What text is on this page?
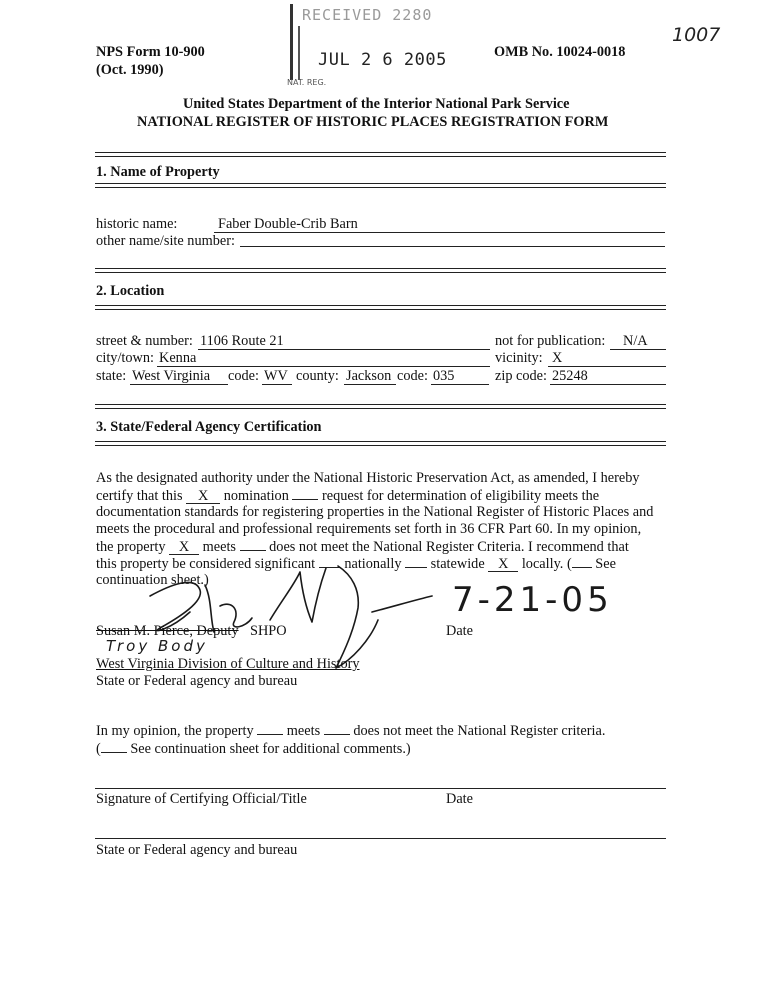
NPS Form 10-900
(Oct. 1990)
OMB No. 10024-0018
1007
RECEIVED 2280
JUL 2 6 2005
NAT. REG.
United States Department of the Interior National Park Service
NATIONAL REGISTER OF HISTORIC PLACES REGISTRATION FORM
1. Name of Property
historic name:	Faber Double-Crib Barn
other name/site number:
2. Location
street & number: 1106 Route 21	not for publication: N/A
city/town: Kenna	vicinity: X
state: West Virginia code: WV county: Jackson code: 035	zip code: 25248
3. State/Federal Agency Certification
As the designated authority under the National Historic Preservation Act, as amended, I hereby
certify that this X nomination request for determination of eligibility meets the
documentation standards for registering properties in the National Register of Historic Places and
meets the procedural and professional requirements set forth in 36 CFR Part 60. In my opinion,
the property X meets does not meet the National Register Criteria. I recommend that
this property be considered significant nationally statewide X locally. ( See
continuation sheet.)	7-21-05
Susan M. Pierce, Deputy SHPO	Date
Troy Body
West Virginia Division of Culture and History
State or Federal agency and bureau
In my opinion, the property meets does not meet the National Register criteria.
( See continuation sheet for additional comments.)
Signature of Certifying Official/Title	Date
State or Federal agency and bureau
